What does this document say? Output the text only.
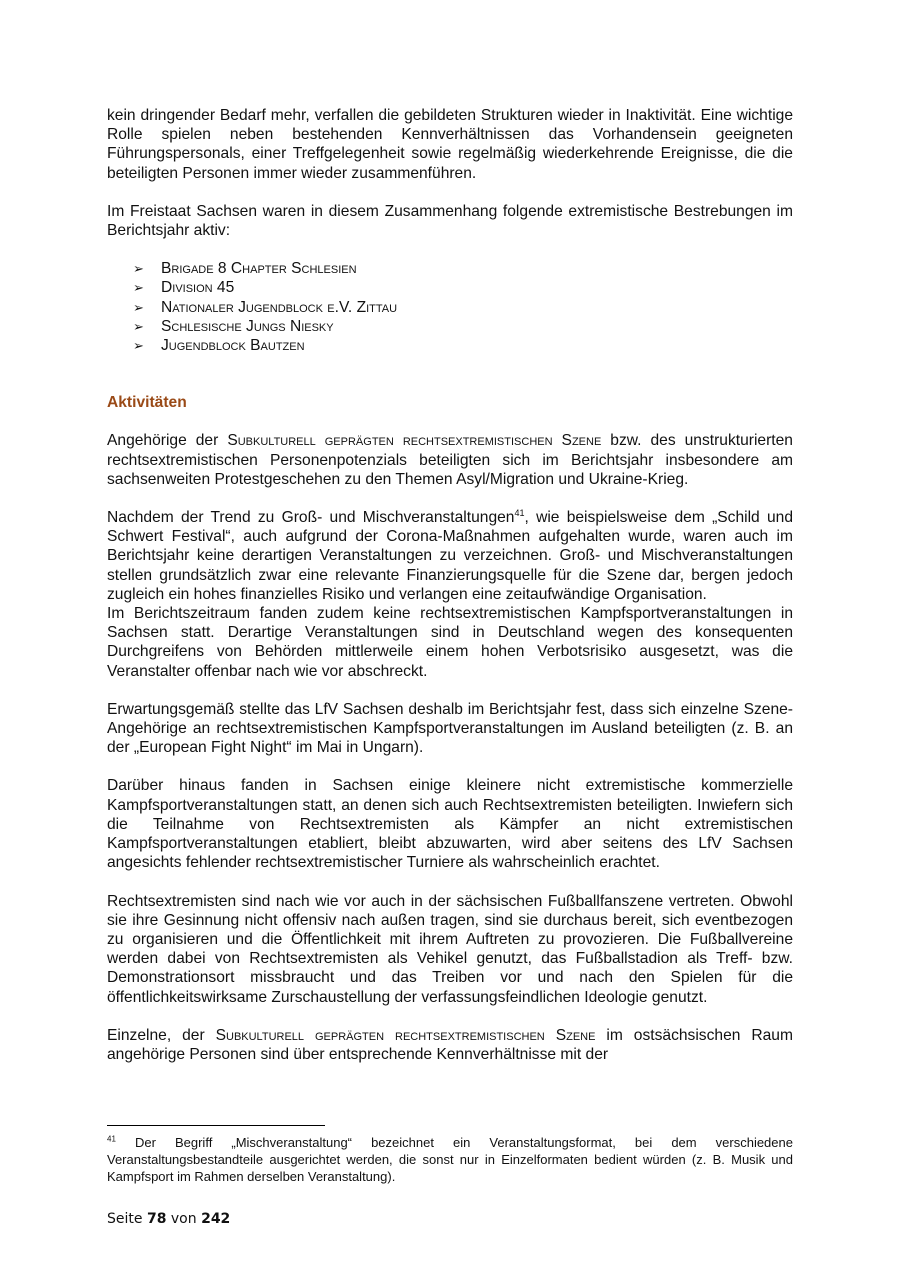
kein dringender Bedarf mehr, verfallen die gebildeten Strukturen wieder in Inaktivität. Eine wichtige Rolle spielen neben bestehenden Kennverhältnissen das Vorhandensein geeigneten Führungspersonals, einer Treffgelegenheit sowie regelmäßig wiederkehrende Ereignisse, die die beteiligten Personen immer wieder zusammenführen.

Im Freistaat Sachsen waren in diesem Zusammenhang folgende extremistische Bestrebungen im Berichtsjahr aktiv:

➢ Brigade 8 Chapter Schlesien
➢ Division 45
➢ Nationaler Jugendblock e.V. Zittau
➢ Schlesische Jungs Niesky
➢ Jugendblock Bautzen
Aktivitäten

Angehörige der Subkulturell geprägten rechtsextremistischen Szene bzw. des unstrukturierten rechtsextremistischen Personenpotenzials beteiligten sich im Berichtsjahr insbesondere am sachsenweiten Protestgeschehen zu den Themen Asyl/Migration und Ukraine-Krieg.

Nachdem der Trend zu Groß- und Mischveranstaltungen$^{41}$, wie beispielsweise dem „Schild und Schwert Festival“, auch aufgrund der Corona-Maßnahmen aufgehalten wurde, waren auch im Berichtsjahr keine derartigen Veranstaltungen zu verzeichnen. Groß- und Mischveranstaltungen stellen grundsätzlich zwar eine relevante Finanzierungsquelle für die Szene dar, bergen jedoch zugleich ein hohes finanzielles Risiko und verlangen eine zeitaufwändige Organisation.

Im Berichtszeitraum fanden zudem keine rechtsextremistischen Kampfsportveranstaltungen in Sachsen statt. Derartige Veranstaltungen sind in Deutschland wegen des konsequenten Durchgreifens von Behörden mittlerweile einem hohen Verbotsrisiko ausgesetzt, was die Veranstalter offenbar nach wie vor abschreckt.

Erwartungsgemäß stellte das LfV Sachsen deshalb im Berichtsjahr fest, dass sich einzelne Szene-Angehörige an rechtsextremistischen Kampfsportveranstaltungen im Ausland beteiligten (z. B. an der „European Fight Night“ im Mai in Ungarn).

Darüber hinaus fanden in Sachsen einige kleinere nicht extremistische kommerzielle Kampfsportveranstaltungen statt, an denen sich auch Rechtsextremisten beteiligten. Inwiefern sich die Teilnahme von Rechtsextremisten als Kämpfer an nicht extremistischen Kampfsportveranstaltungen etabliert, bleibt abzuwarten, wird aber seitens des LfV Sachsen angesichts fehlender rechtsextremistischer Turniere als wahrscheinlich erachtet.

Rechtsextremisten sind nach wie vor auch in der sächsischen Fußballfanszene vertreten. Obwohl sie ihre Gesinnung nicht offensiv nach außen tragen, sind sie durchaus bereit, sich eventbezogen zu organisieren und die Öffentlichkeit mit ihrem Auftreten zu provozieren. Die Fußballvereine werden dabei von Rechtsextremisten als Vehikel genutzt, das Fußballstadion als Treff- bzw. Demonstrationsort missbraucht und das Treiben vor und nach den Spielen für die öffentlichkeitswirksame Zurschaustellung der verfassungsfeindlichen Ideologie genutzt.

Einzelne, der Subkulturell geprägten rechtsextremistischen Szene im ostsächsischen Raum angehörige Personen sind über entsprechende Kennverhältnisse mit der

$^{41}$ Der Begriff „Mischveranstaltung“ bezeichnet ein Veranstaltungsformat, bei dem verschiedene Veranstaltungsbestandteile ausgerichtet werden, die sonst nur in Einzelformaten bedient würden (z. B. Musik und Kampfsport im Rahmen derselben Veranstaltung).
Seite 78 von 242
